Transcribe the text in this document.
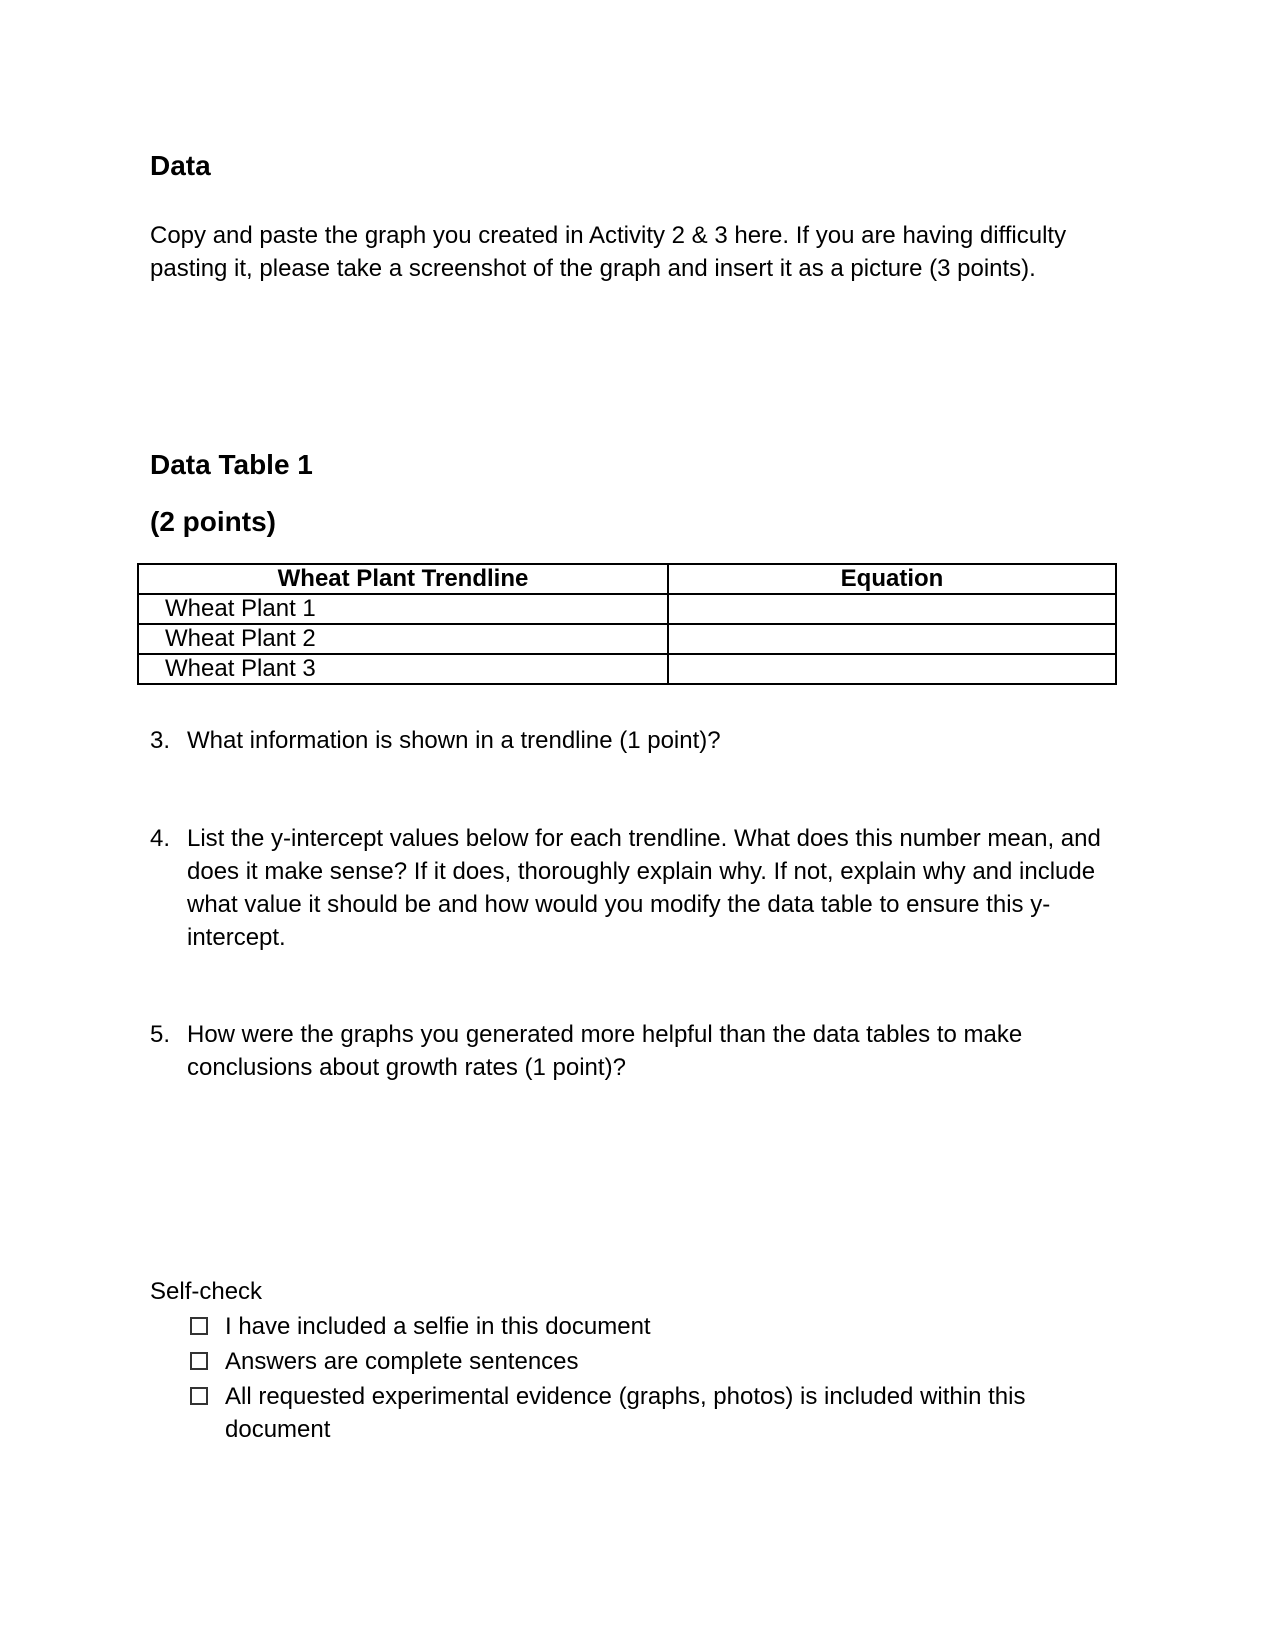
Data

Copy and paste the graph you created in Activity 2 & 3 here. If you are having difficulty pasting it, please take a screenshot of the graph and insert it as a picture (3 points).

Data Table 1
(2 points)
Wheat Plant Trendline	Equation
Wheat Plant 1	
Wheat Plant 2	
Wheat Plant 3	
3. What information is shown in a trendline (1 point)?
4. List the y-intercept values below for each trendline. What does this number mean, and does it make sense? If it does, thoroughly explain why. If not, explain why and include what value it should be and how would you modify the data table to ensure this y-intercept.
5. How were the graphs you generated more helpful than the data tables to make conclusions about growth rates (1 point)?

Self-check

I have included a selfie in this document
Answers are complete sentences
All requested experimental evidence (graphs, photos) is included within this document
